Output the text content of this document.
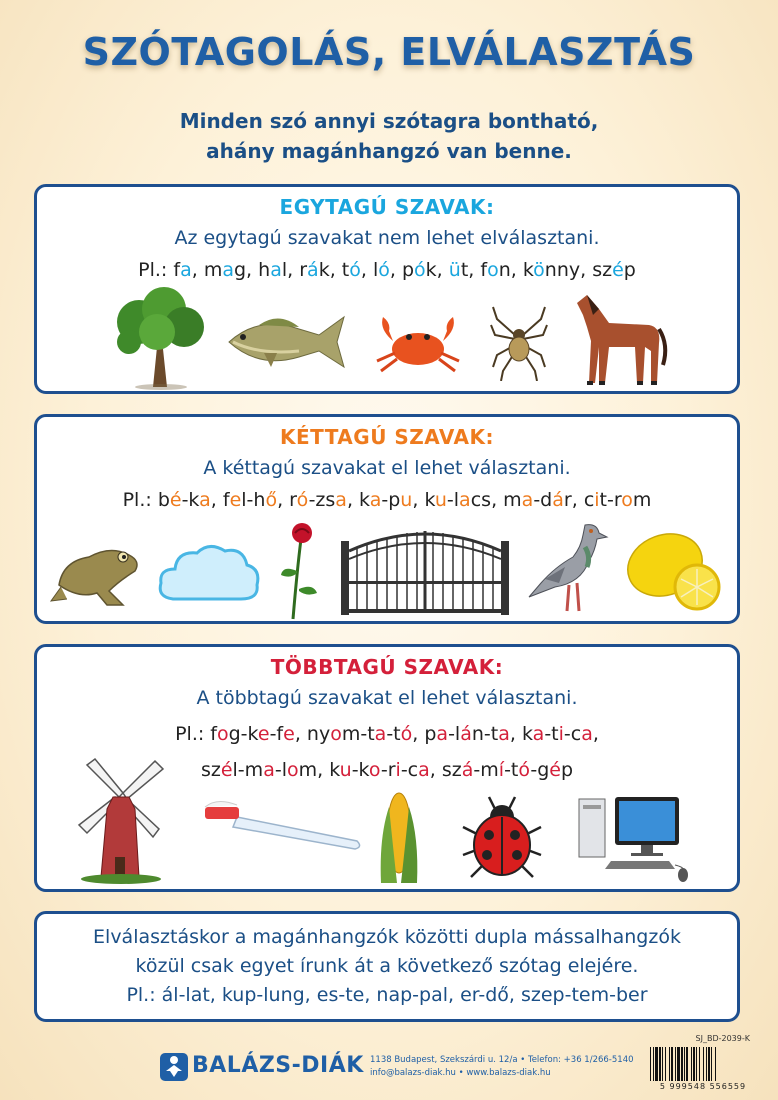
SZÓTAGOLÁS, ELVÁLASZTÁS
Minden szó annyi szótagra bontható,
ahány magánhangzó van benne.
EGYTAGÚ SZAVAK:
Az egytagú szavakat nem lehet elválasztani.
Pl.: fa, mag, hal, rák, tó, ló, pók, üt, fon, könny, szép
KÉTTAGÚ SZAVAK:
A kéttagú szavakat el lehet választani.
Pl.: bé-ka, fel-hő, ró-zsa, ka-pu, ku-lacs, ma-dár, cit-rom
TÖBBTAGÚ SZAVAK:
A többtagú szavakat el lehet választani.
Pl.: fog-ke-fe, nyom-ta-tó, pa-lán-ta, ka-ti-ca,
szél-ma-lom, ku-ko-ri-ca, szá-mí-tó-gép
Elválasztáskor a magánhangzók közötti dupla mássalhangzók
közül csak egyet írunk át a következő szótag elejére.
Pl.: ál-lat, kup-lung, es-te, nap-pal, er-dő, szep-tem-ber
SJ_BD-2039-K
BALÁZS-DIÁK 1138 Budapest, Szekszárdi u. 12/a • Telefon: +36 1/266-5140
info@balazs-diak.hu • www.balazs-diak.hu
5 999548 556559
